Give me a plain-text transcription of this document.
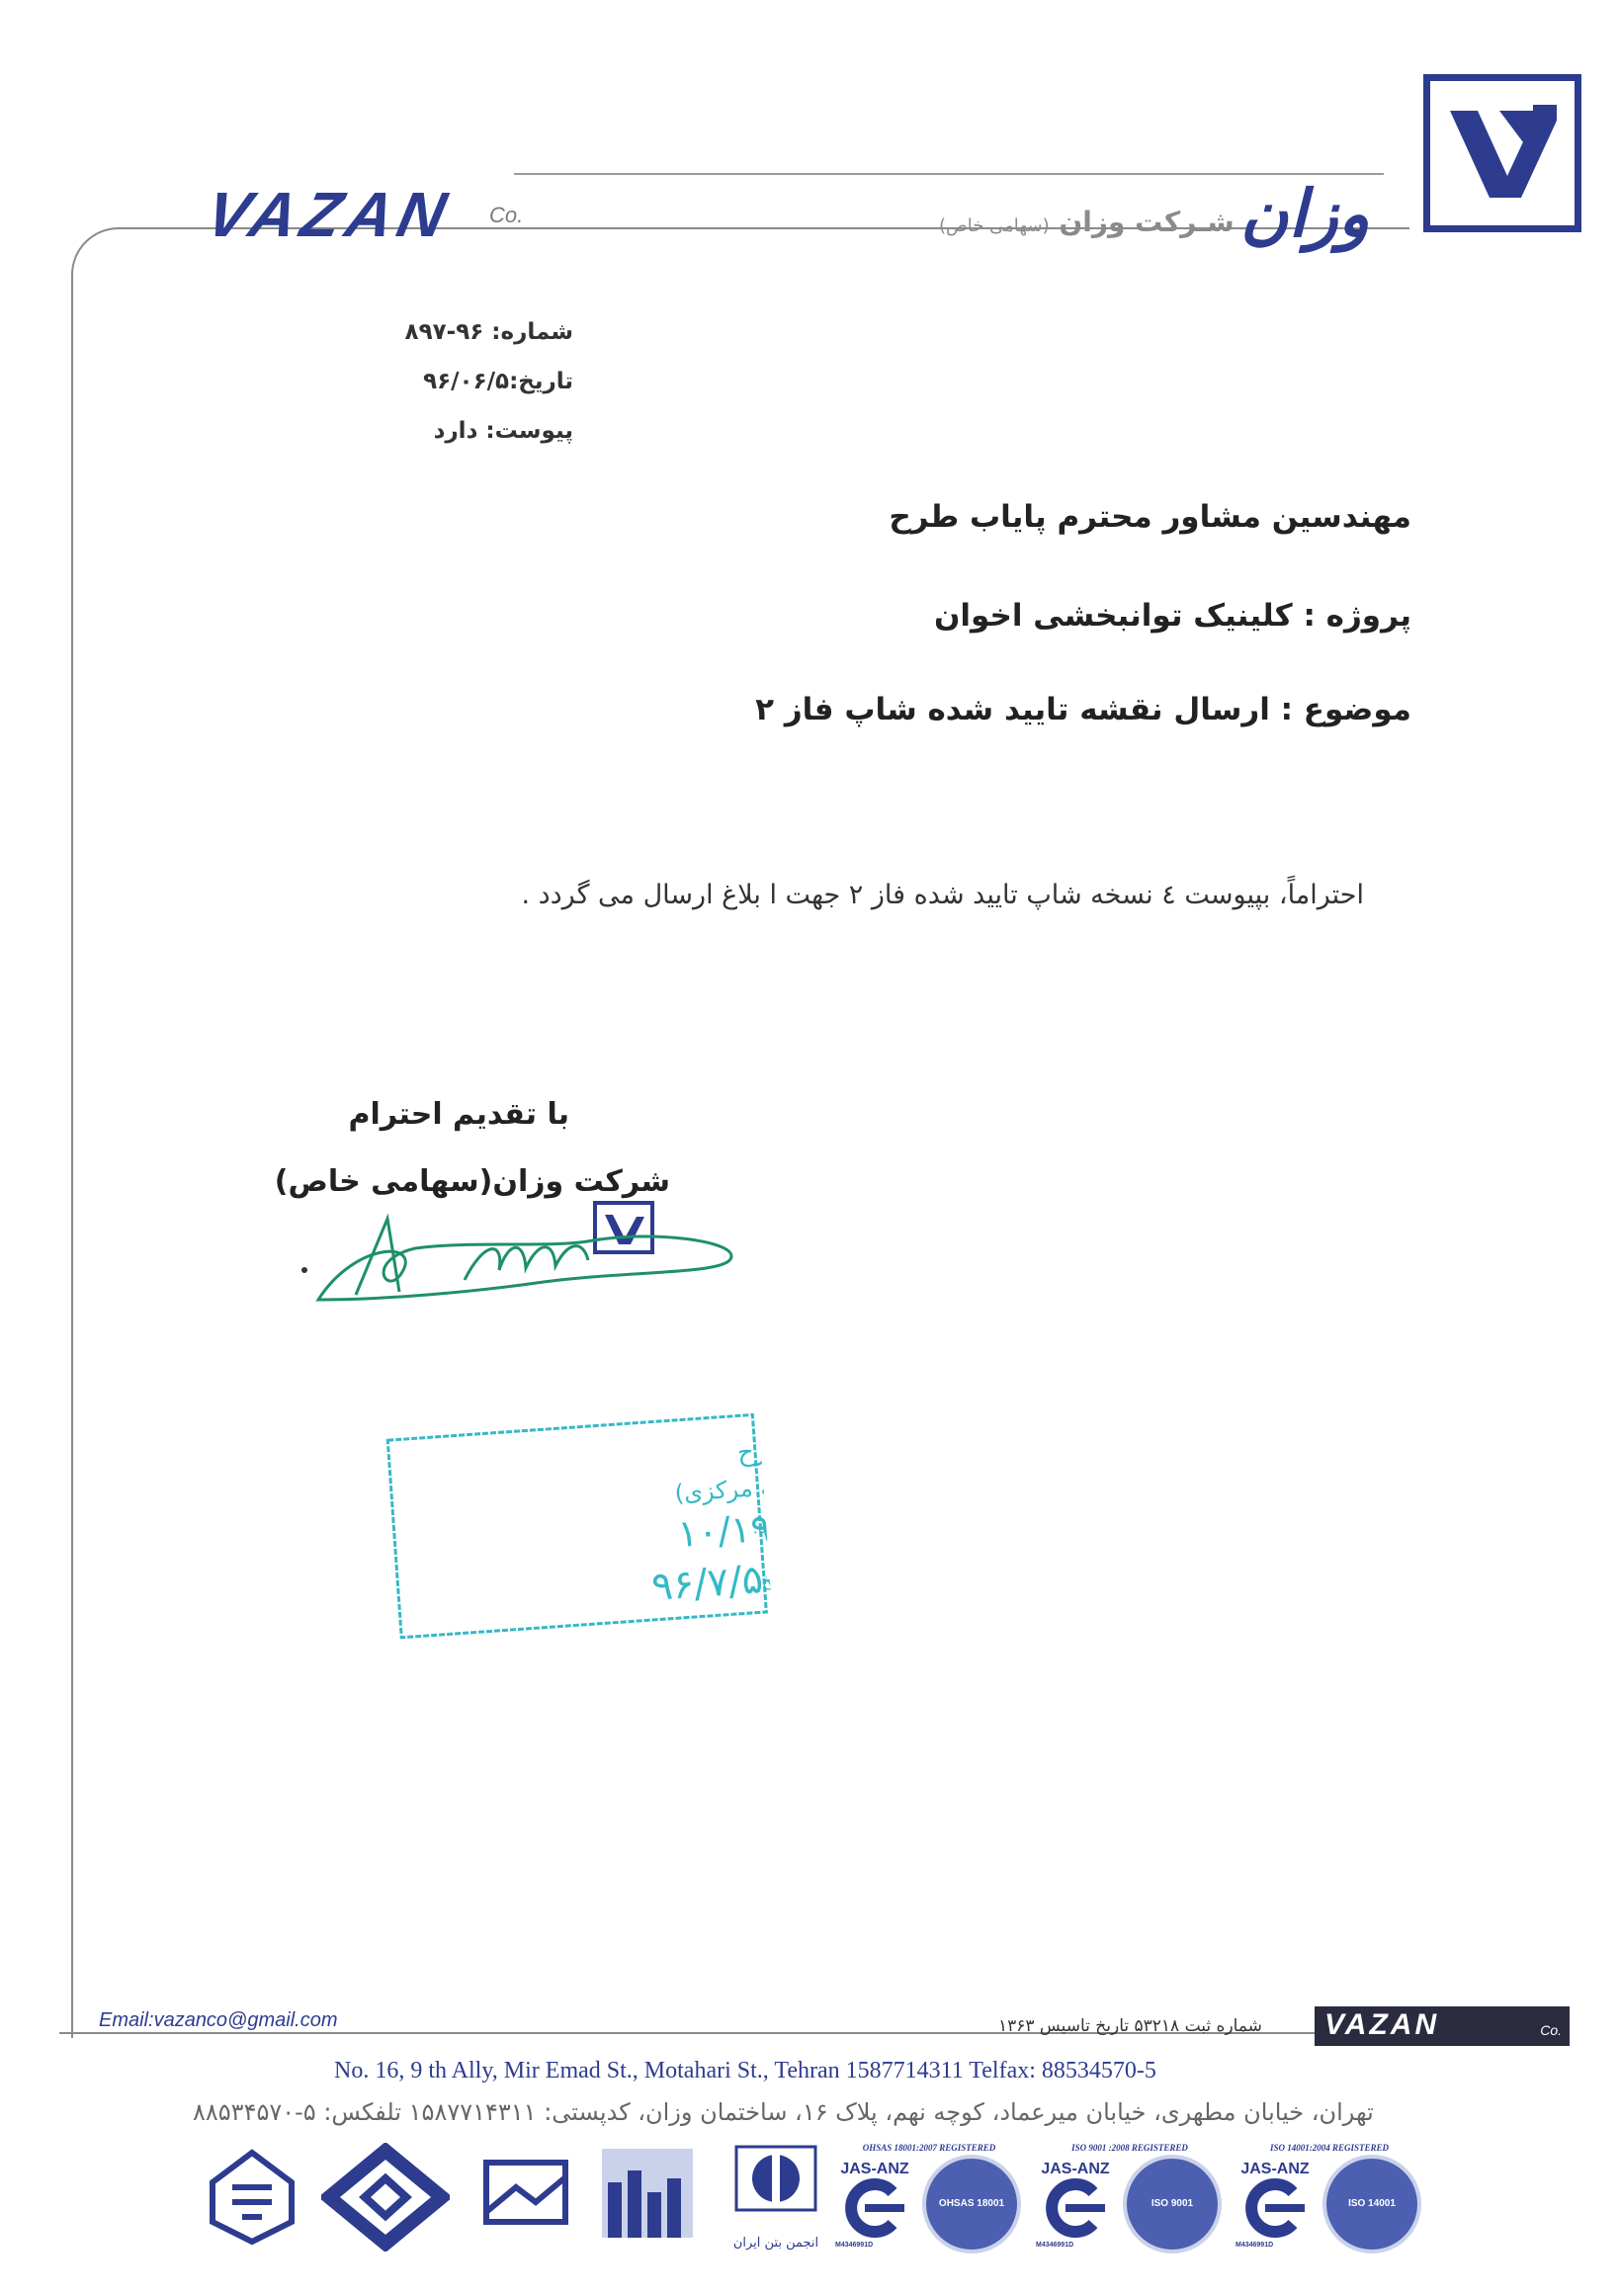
VAZAN Co.	وزان
شـرکت وزان (سهامی خاص)
شماره: ۹۶-۸۹۷
تاریخ:۹۶/۰۶/۵
پیوست: دارد
مهندسین مشاور محترم پایاب طرح
پروژه : کلینیک توانبخشی اخوان
موضوع : ارسال نقشه تایید شده شاپ فاز ۲
احتراماً، بپیوست ٤ نسخه شاپ تایید شده فاز ۲ جهت ا بلاغ ارسال می گردد .
با تقدیم احترام
شرکت وزان(سهامی خاص)
طرح
(دبیرخانه مرکزی)
شماره:
۱۰/۱۹۶-۷۸۰۳۵
تاریخ:
۹۶/۷/۵
Email:vazanco@gmail.com	شماره ثبت ۵۳۲۱۸ تاریخ تاسیس ۱۳۶۳ VAZAN	Co.
No. 16, 9 th Ally, Mir Emad St., Motahari St., Tehran 1587714311 Telfax: 88534570-5
تهران، خیابان مطهری، خیابان میرعماد، کوچه نهم، پلاک ۱۶، ساختمان وزان، کدپستی: ۱۵۸۷۷۱۴۳۱۱ تلفکس: ۵-۸۸۵۳۴۵۷۰
انجمن بتن ایران
OHSAS 18001:2007 REGISTERED
JAS-ANZ
M4346991D
OHSAS 18001
ISO 9001 :2008 REGISTERED
JAS-ANZ
M4346991D
ISO 9001
ISO 14001:2004 REGISTERED
JAS-ANZ
M4346991D
ISO 14001
